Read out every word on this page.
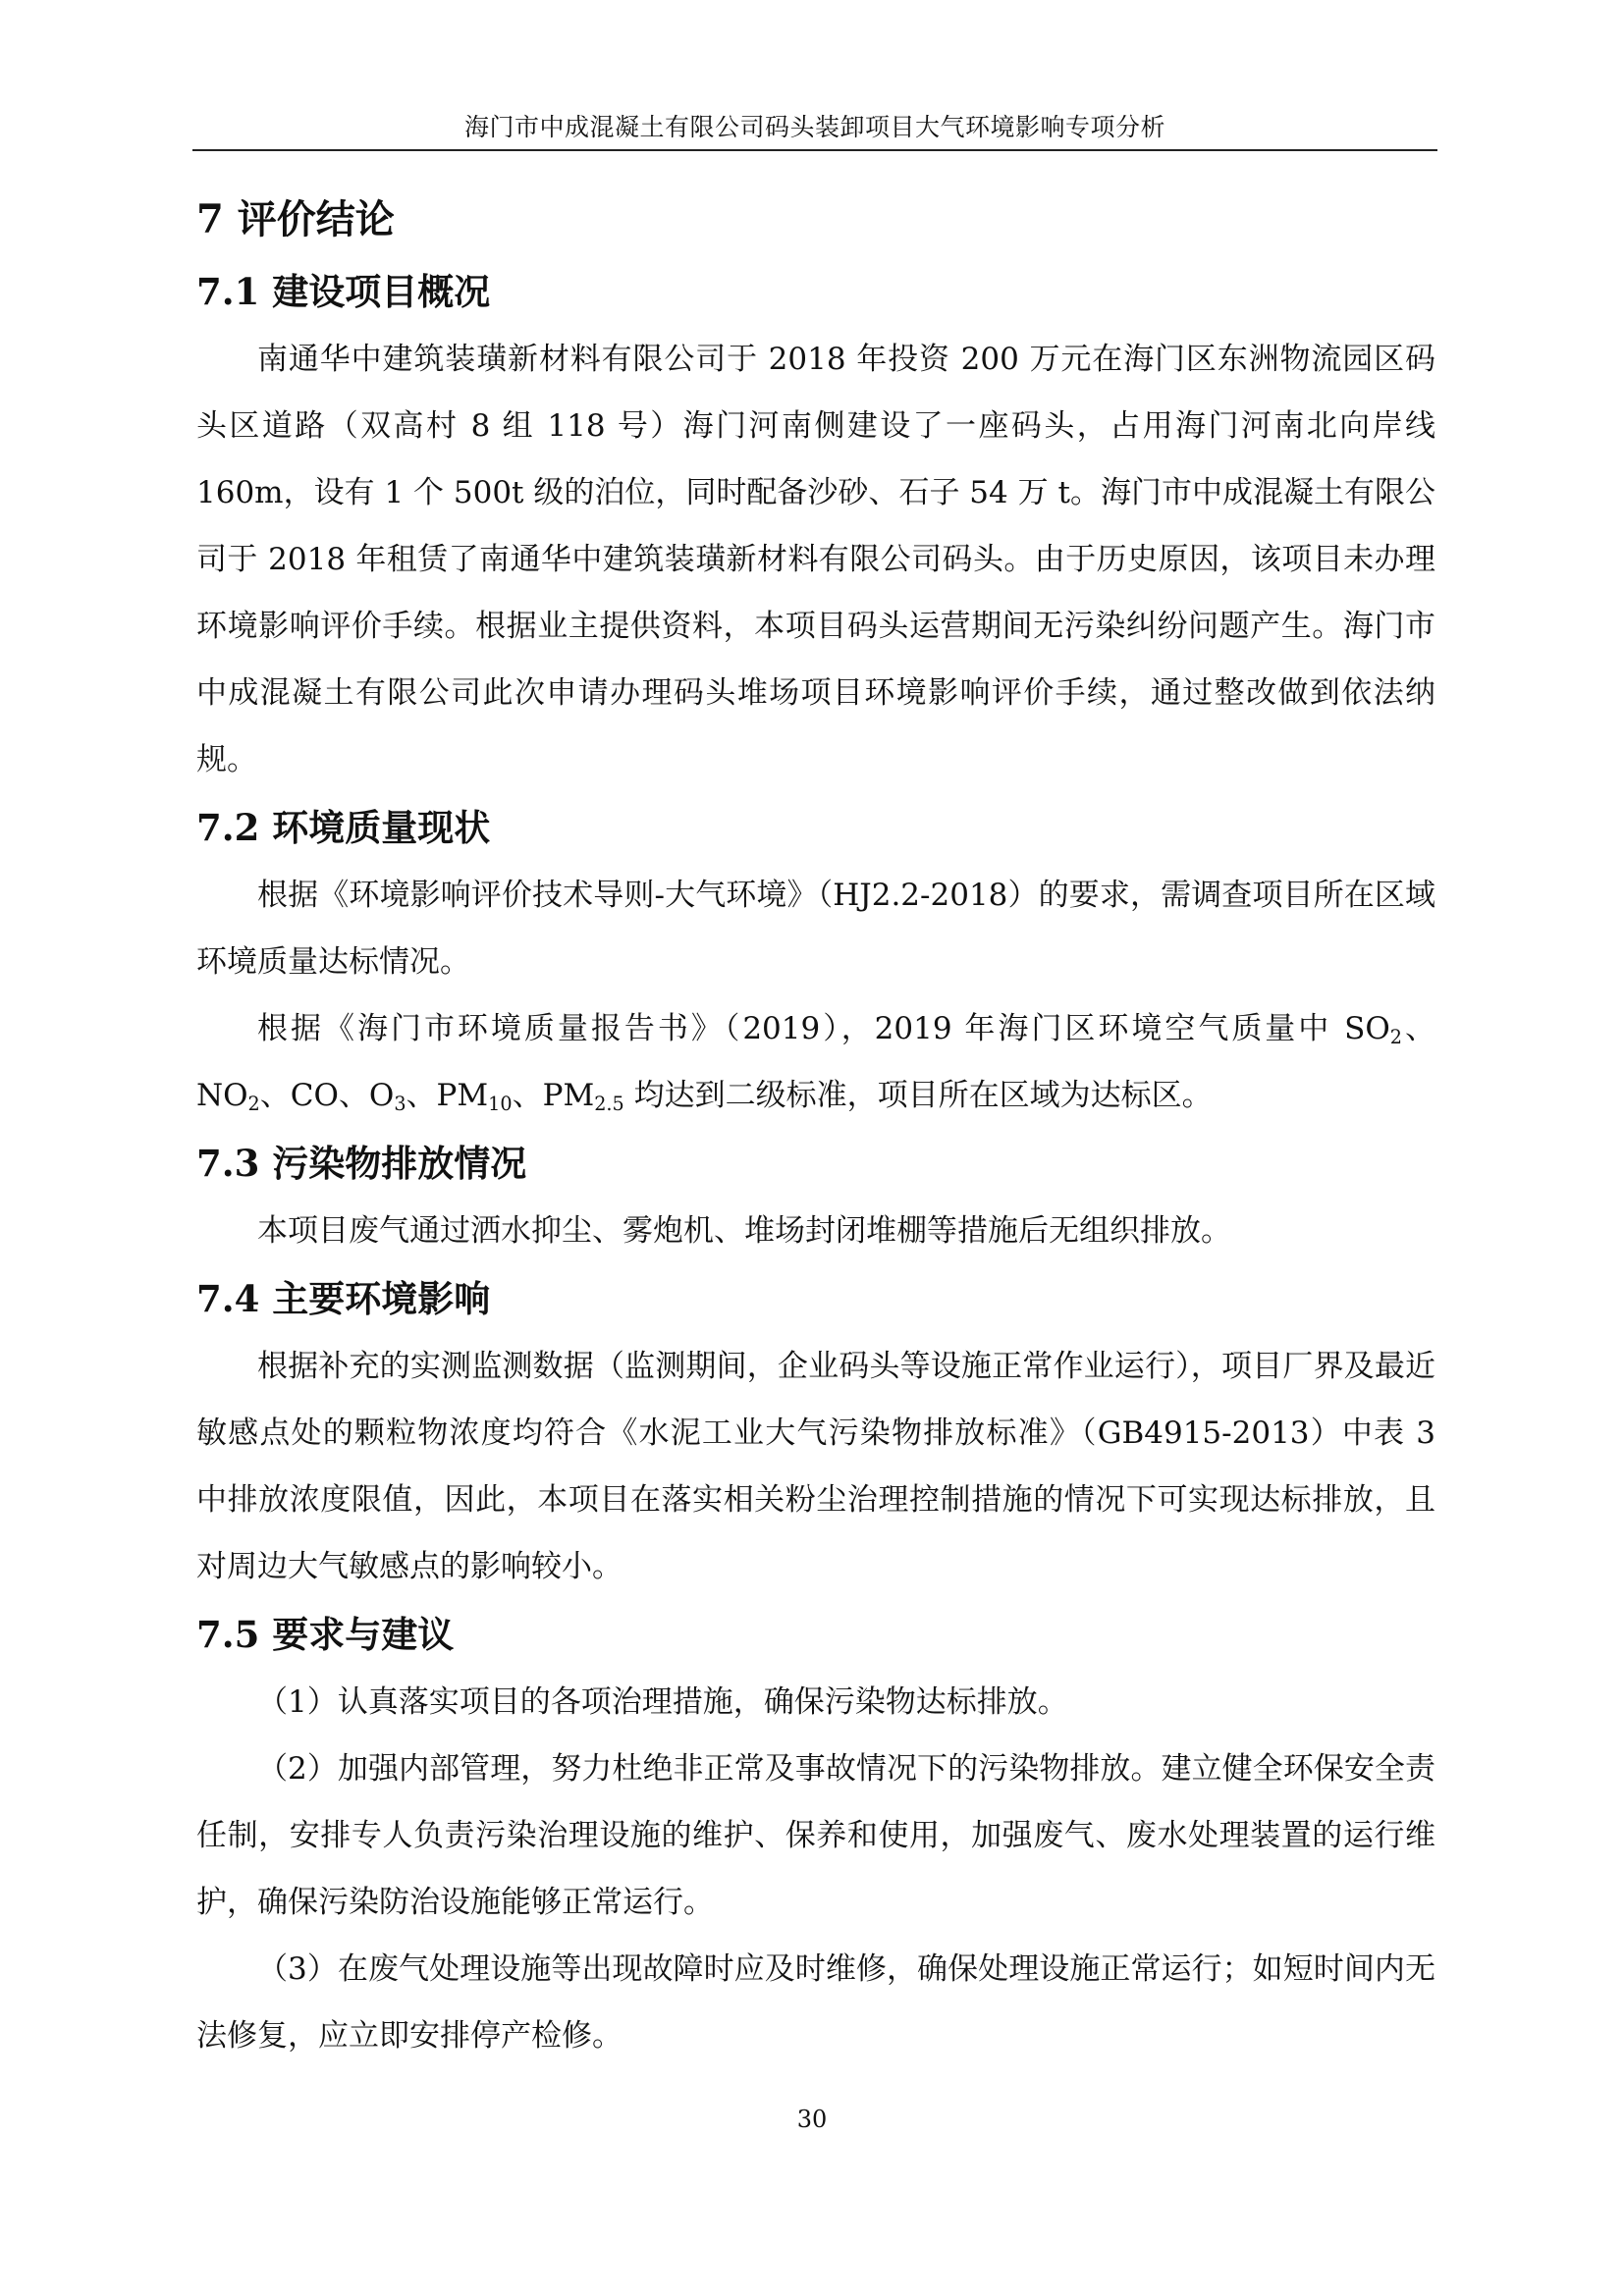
海门市中成混凝土有限公司码头装卸项目大气环境影响专项分析
7 评价结论
7.1 建设项目概况

南通华中建筑装璜新材料有限公司于 2018 年投资 200 万元在海门区东洲物流园区码头区道路（双高村 8 组 118 号）海门河南侧建设了一座码头，占用海门河南北向岸线 160m，设有 1 个 500t 级的泊位，同时配备沙砂、石子 54 万 t。海门市中成混凝土有限公司于 2018 年租赁了南通华中建筑装璜新材料有限公司码头。由于历史原因，该项目未办理环境影响评价手续。根据业主提供资料，本项目码头运营期间无污染纠纷问题产生。海门市中成混凝土有限公司此次申请办理码头堆场项目环境影响评价手续，通过整改做到依法纳规。

7.2 环境质量现状

根据《环境影响评价技术导则-大气环境》（HJ2.2-2018）的要求，需调查项目所在区域环境质量达标情况。

根据《海门市环境质量报告书》（2019），2019 年海门区环境空气质量中 $SO_2$、$NO_2$、CO、$O_3$、$PM_{10}$、$PM_{2.5}$ 均达到二级标准，项目所在区域为达标区。

7.3 污染物排放情况

本项目废气通过洒水抑尘、雾炮机、堆场封闭堆棚等措施后无组织排放。

7.4 主要环境影响

根据补充的实测监测数据（监测期间，企业码头等设施正常作业运行），项目厂界及最近敏感点处的颗粒物浓度均符合《水泥工业大气污染物排放标准》（GB4915-2013）中表 3 中排放浓度限值，因此，本项目在落实相关粉尘治理控制措施的情况下可实现达标排放，且对周边大气敏感点的影响较小。

7.5 要求与建议

（1）认真落实项目的各项治理措施，确保污染物达标排放。

（2）加强内部管理，努力杜绝非正常及事故情况下的污染物排放。建立健全环保安全责任制，安排专人负责污染治理设施的维护、保养和使用，加强废气、废水处理装置的运行维护，确保污染防治设施能够正常运行。

（3）在废气处理设施等出现故障时应及时维修，确保处理设施正常运行；如短时间内无法修复，应立即安排停产检修。

30
